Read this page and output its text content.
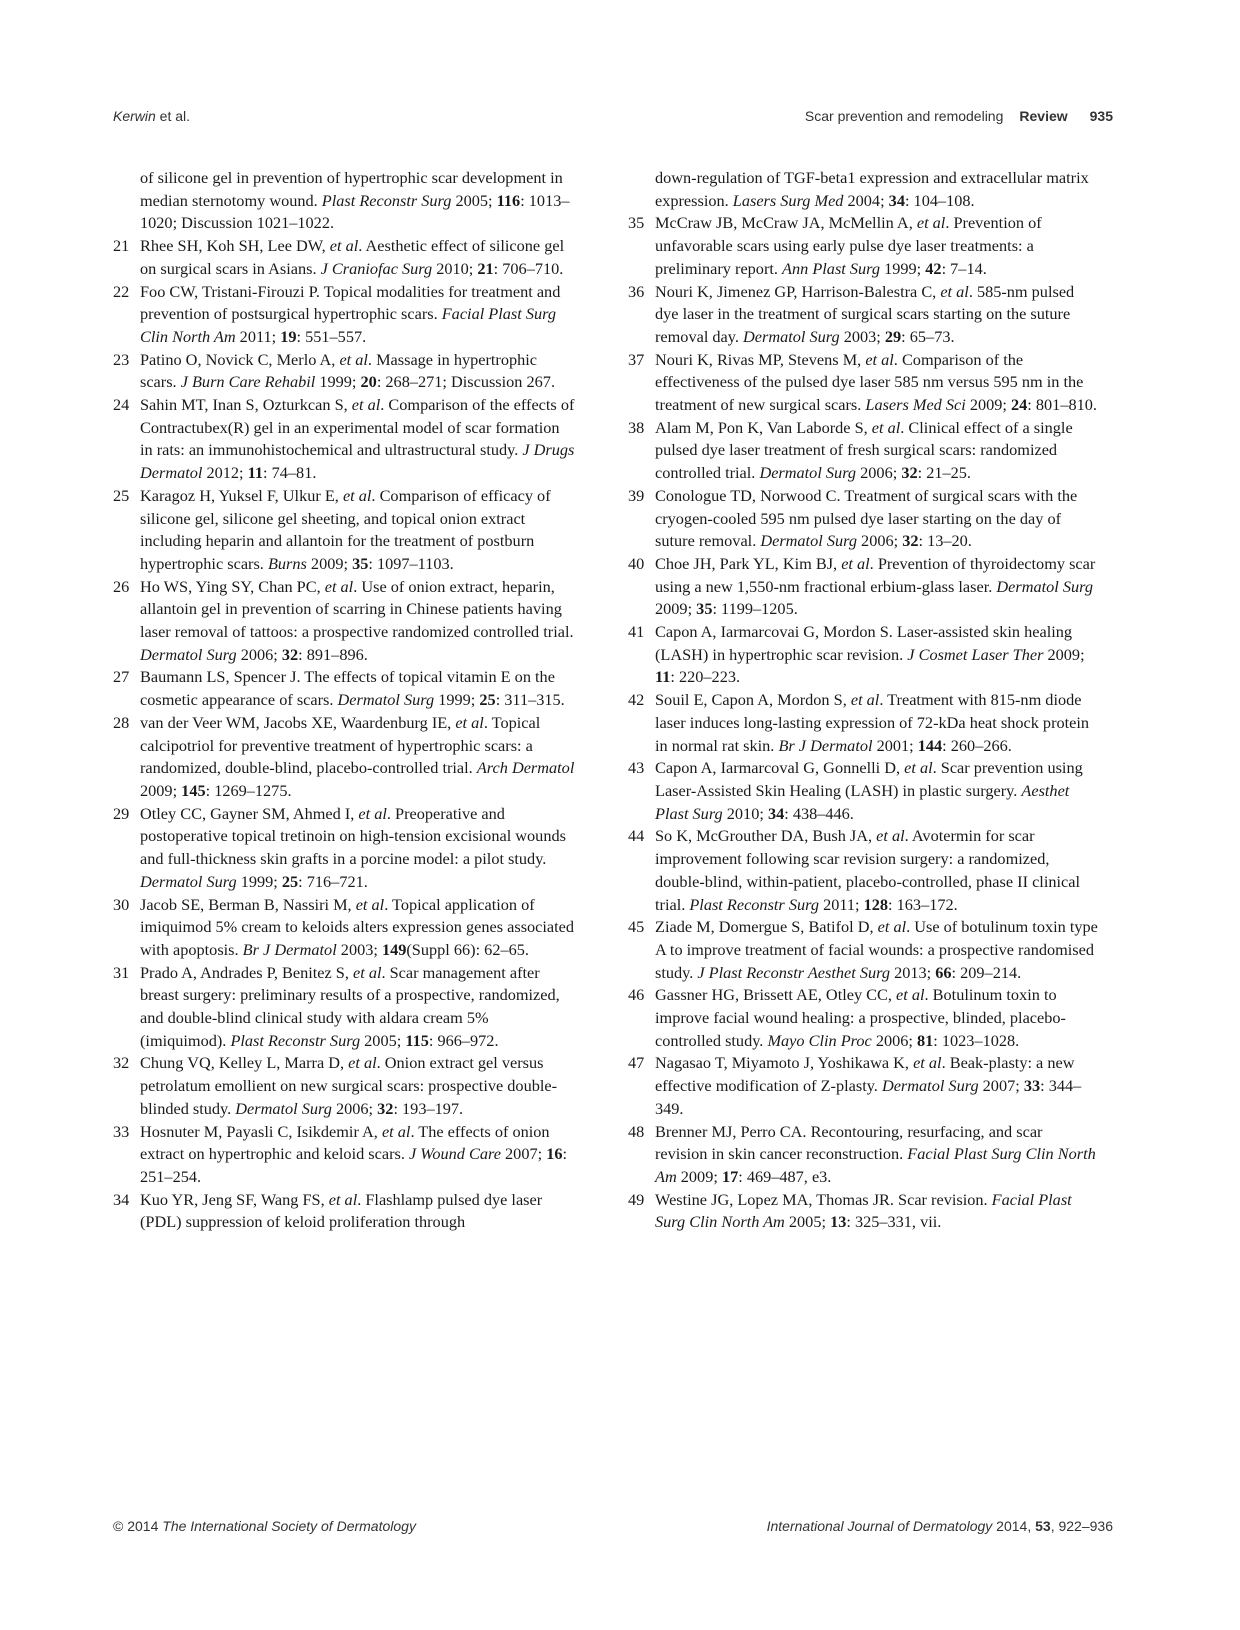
Kerwin et al.	Scar prevention and remodeling Review 935

of silicone gel in prevention of hypertrophic scar development in median sternotomy wound. Plast Reconstr Surg 2005; 116: 1013–1020; Discussion 1021–1022.

21 Rhee SH, Koh SH, Lee DW, et al. Aesthetic effect of silicone gel on surgical scars in Asians. J Craniofac Surg 2010; 21: 706–710.

22 Foo CW, Tristani-Firouzi P. Topical modalities for treatment and prevention of postsurgical hypertrophic scars. Facial Plast Surg Clin North Am 2011; 19: 551–557.

23 Patino O, Novick C, Merlo A, et al. Massage in hypertrophic scars. J Burn Care Rehabil 1999; 20: 268–271; Discussion 267.

24 Sahin MT, Inan S, Ozturkcan S, et al. Comparison of the effects of Contractubex(R) gel in an experimental model of scar formation in rats: an immunohistochemical and ultrastructural study. J Drugs Dermatol 2012; 11: 74–81.

25 Karagoz H, Yuksel F, Ulkur E, et al. Comparison of efficacy of silicone gel, silicone gel sheeting, and topical onion extract including heparin and allantoin for the treatment of postburn hypertrophic scars. Burns 2009; 35: 1097–1103.

26 Ho WS, Ying SY, Chan PC, et al. Use of onion extract, heparin, allantoin gel in prevention of scarring in Chinese patients having laser removal of tattoos: a prospective randomized controlled trial. Dermatol Surg 2006; 32: 891–896.

27 Baumann LS, Spencer J. The effects of topical vitamin E on the cosmetic appearance of scars. Dermatol Surg 1999; 25: 311–315.

28 van der Veer WM, Jacobs XE, Waardenburg IE, et al. Topical calcipotriol for preventive treatment of hypertrophic scars: a randomized, double-blind, placebo-controlled trial. Arch Dermatol 2009; 145: 1269–1275.

29 Otley CC, Gayner SM, Ahmed I, et al. Preoperative and postoperative topical tretinoin on high-tension excisional wounds and full-thickness skin grafts in a porcine model: a pilot study. Dermatol Surg 1999; 25: 716–721.

30 Jacob SE, Berman B, Nassiri M, et al. Topical application of imiquimod 5% cream to keloids alters expression genes associated with apoptosis. Br J Dermatol 2003; 149(Suppl 66): 62–65.

31 Prado A, Andrades P, Benitez S, et al. Scar management after breast surgery: preliminary results of a prospective, randomized, and double-blind clinical study with aldara cream 5% (imiquimod). Plast Reconstr Surg 2005; 115: 966–972.

32 Chung VQ, Kelley L, Marra D, et al. Onion extract gel versus petrolatum emollient on new surgical scars: prospective double-blinded study. Dermatol Surg 2006; 32: 193–197.

33 Hosnuter M, Payasli C, Isikdemir A, et al. The effects of onion extract on hypertrophic and keloid scars. J Wound Care 2007; 16: 251–254.

34 Kuo YR, Jeng SF, Wang FS, et al. Flashlamp pulsed dye laser (PDL) suppression of keloid proliferation through

down-regulation of TGF-beta1 expression and extracellular matrix expression. Lasers Surg Med 2004; 34: 104–108.

35 McCraw JB, McCraw JA, McMellin A, et al. Prevention of unfavorable scars using early pulse dye laser treatments: a preliminary report. Ann Plast Surg 1999; 42: 7–14.

36 Nouri K, Jimenez GP, Harrison-Balestra C, et al. 585-nm pulsed dye laser in the treatment of surgical scars starting on the suture removal day. Dermatol Surg 2003; 29: 65–73.

37 Nouri K, Rivas MP, Stevens M, et al. Comparison of the effectiveness of the pulsed dye laser 585 nm versus 595 nm in the treatment of new surgical scars. Lasers Med Sci 2009; 24: 801–810.

38 Alam M, Pon K, Van Laborde S, et al. Clinical effect of a single pulsed dye laser treatment of fresh surgical scars: randomized controlled trial. Dermatol Surg 2006; 32: 21–25.

39 Conologue TD, Norwood C. Treatment of surgical scars with the cryogen-cooled 595 nm pulsed dye laser starting on the day of suture removal. Dermatol Surg 2006; 32: 13–20.

40 Choe JH, Park YL, Kim BJ, et al. Prevention of thyroidectomy scar using a new 1,550-nm fractional erbium-glass laser. Dermatol Surg 2009; 35: 1199–1205.

41 Capon A, Iarmarcovai G, Mordon S. Laser-assisted skin healing (LASH) in hypertrophic scar revision. J Cosmet Laser Ther 2009; 11: 220–223.

42 Souil E, Capon A, Mordon S, et al. Treatment with 815-nm diode laser induces long-lasting expression of 72-kDa heat shock protein in normal rat skin. Br J Dermatol 2001; 144: 260–266.

43 Capon A, Iarmarcoval G, Gonnelli D, et al. Scar prevention using Laser-Assisted Skin Healing (LASH) in plastic surgery. Aesthet Plast Surg 2010; 34: 438–446.

44 So K, McGrouther DA, Bush JA, et al. Avotermin for scar improvement following scar revision surgery: a randomized, double-blind, within-patient, placebo-controlled, phase II clinical trial. Plast Reconstr Surg 2011; 128: 163–172.

45 Ziade M, Domergue S, Batifol D, et al. Use of botulinum toxin type A to improve treatment of facial wounds: a prospective randomised study. J Plast Reconstr Aesthet Surg 2013; 66: 209–214.

46 Gassner HG, Brissett AE, Otley CC, et al. Botulinum toxin to improve facial wound healing: a prospective, blinded, placebo-controlled study. Mayo Clin Proc 2006; 81: 1023–1028.

47 Nagasao T, Miyamoto J, Yoshikawa K, et al. Beak-plasty: a new effective modification of Z-plasty. Dermatol Surg 2007; 33: 344–349.

48 Brenner MJ, Perro CA. Recontouring, resurfacing, and scar revision in skin cancer reconstruction. Facial Plast Surg Clin North Am 2009; 17: 469–487, e3.

49 Westine JG, Lopez MA, Thomas JR. Scar revision. Facial Plast Surg Clin North Am 2005; 13: 325–331, vii.

© 2014 The International Society of Dermatology	International Journal of Dermatology 2014, 53, 922–936
